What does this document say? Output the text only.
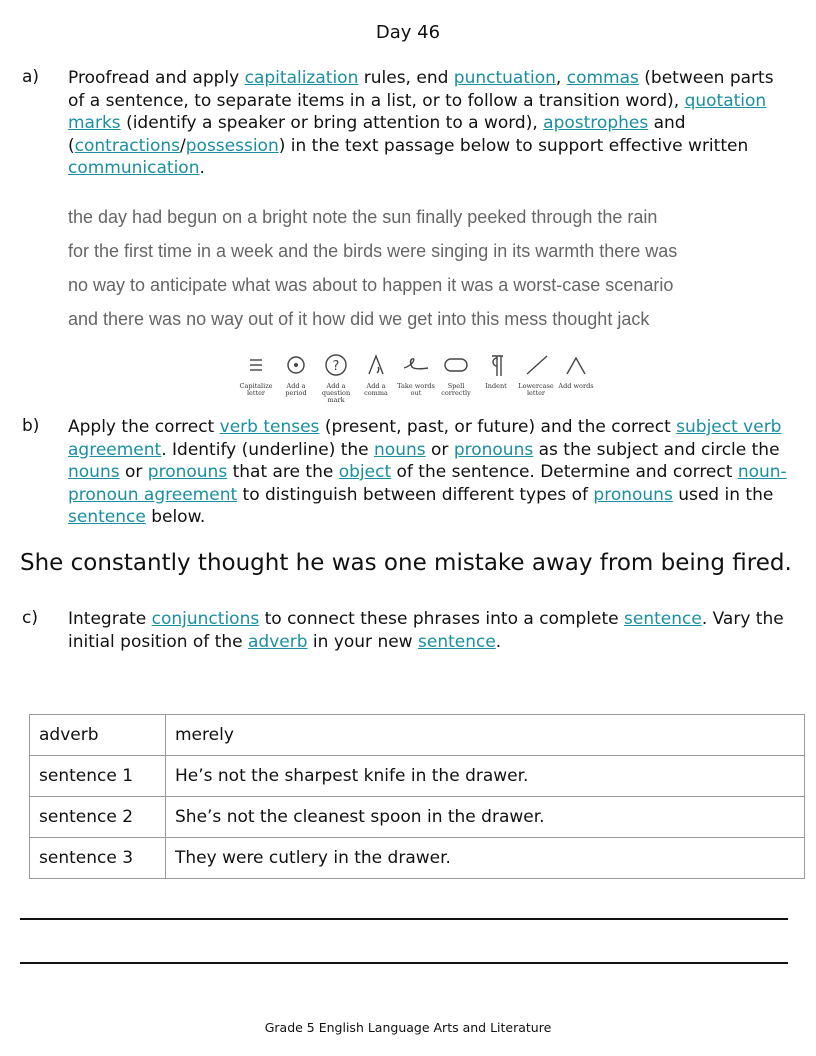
Day 46
a) Proofread and apply capitalization rules, end punctuation, commas (between parts of a sentence, to separate items in a list, or to follow a transition word), quotation marks (identify a speaker or bring attention to a word), apostrophes and (contractions/possession) in the text passage below to support effective written communication.
the day had begun on a bright note the sun finally peeked through the rain
for the first time in a week and the birds were singing in its warmth there was
no way to anticipate what was about to happen it was a worst-case scenario
and there was no way out of it how did we get into this mess thought jack
Capitalize letter
Add a period
?
Add a question mark
Add a comma
Take words out
Spell correctly
Indent	Lowercase letter
Add words
b) Apply the correct verb tenses (present, past, or future) and the correct subject verb agreement. Identify (underline) the nouns or pronouns as the subject and circle the nouns or pronouns that are the object of the sentence. Determine and correct noun-pronoun agreement to distinguish between different types of pronouns used in the sentence below.
She constantly thought he was one mistake away from being fired.
c) Integrate conjunctions to connect these phrases into a complete sentence. Vary the initial position of the adverb in your new sentence.
adverb	merely
sentence 1	He’s not the sharpest knife in the drawer.
sentence 2	She’s not the cleanest spoon in the drawer.
sentence 3	They were cutlery in the drawer.
Grade 5 English Language Arts and Literature
